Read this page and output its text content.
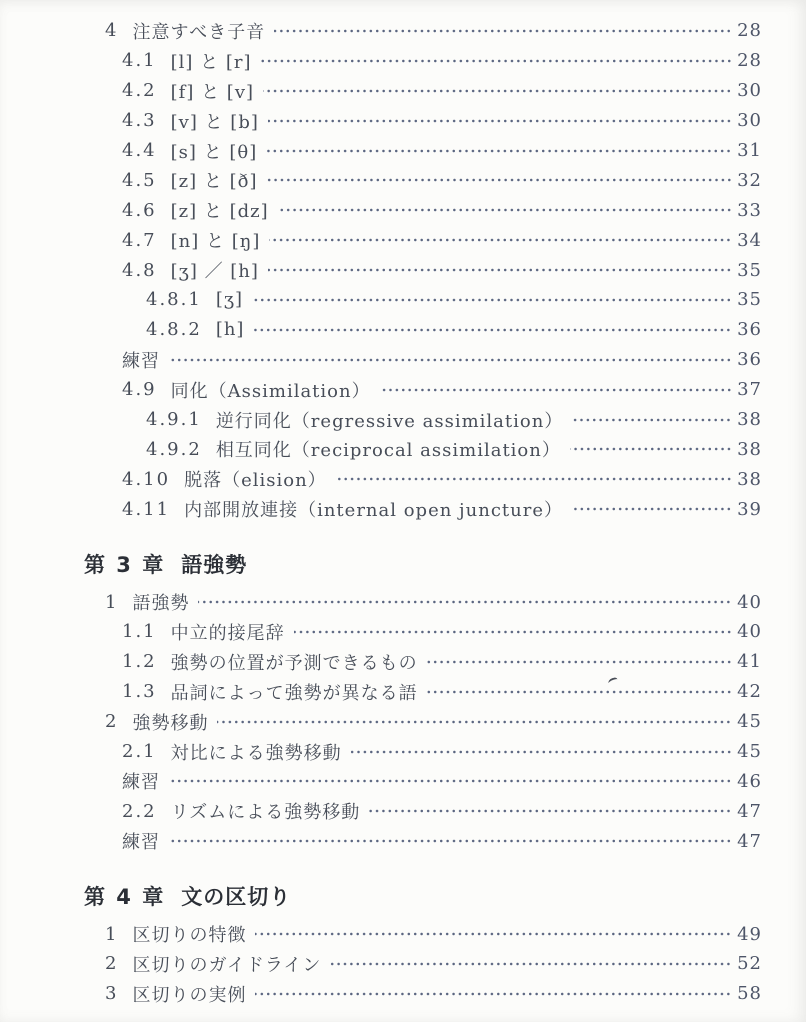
4 注意すべき子音	28
4.1 [l] と [r]	28
4.2 [f] と [v]	30
4.3 [v] と [b]	30
4.4 [s] と [θ]	31
4.5 [z] と [ð]	32
4.6 [z] と [dz]	33
4.7 [n] と [ŋ]	34
4.8 [ʒ] ／ [h]	35
4.8.1 [ʒ]	35
4.8.2 [h]	36
練習	36
4.9 同化（Assimilation）	37
4.9.1 逆行同化（regressive assimilation）	38
4.9.2 相互同化（reciprocal assimilation）	38
4.10 脱落（elision）	38
4.11 内部開放連接（internal open juncture）	39
第 3 章 語強勢
1 語強勢	40
1.1 中立的接尾辞	40
1.2 強勢の位置が予測できるもの	41
1.3 品詞によって強勢が異なる語	42
2 強勢移動	45
2.1 対比による強勢移動	45
練習	46
2.2 リズムによる強勢移動	47
練習	47
第 4 章 文の区切り
1 区切りの特徴	49
2 区切りのガイドライン	52
3 区切りの実例	58
